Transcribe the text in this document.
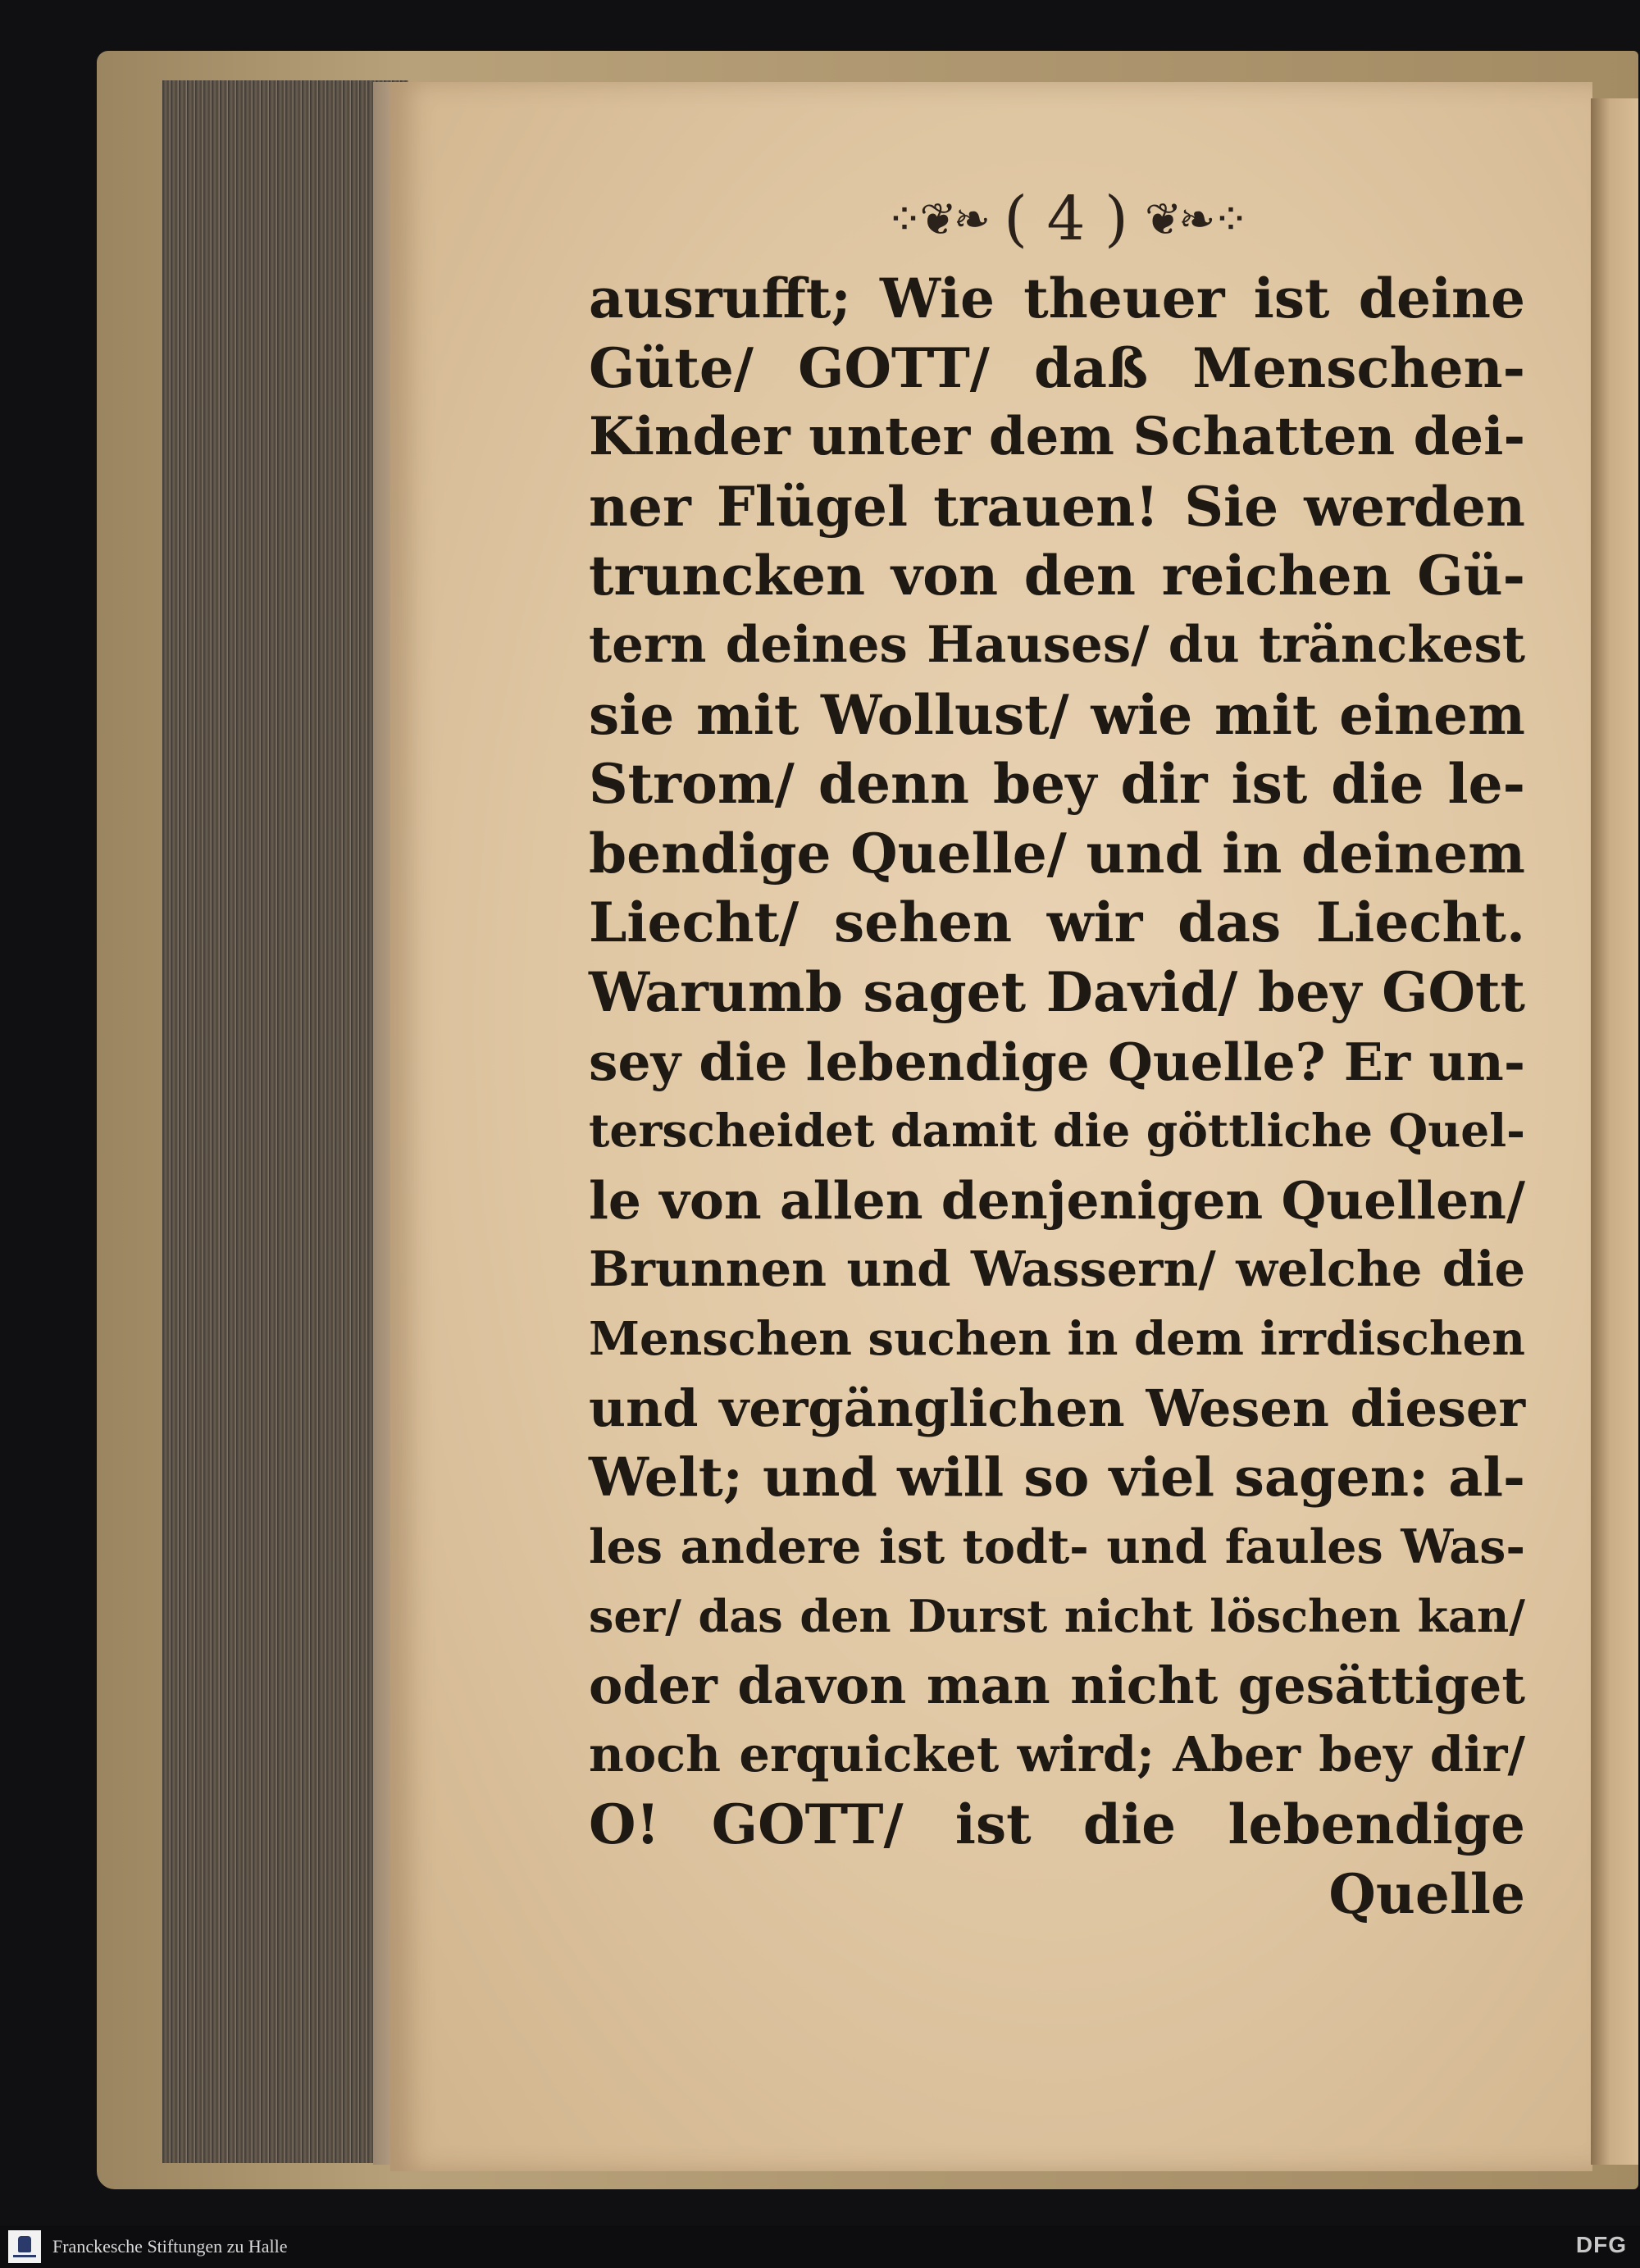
⁘❦❧ ( 4 ) ❦❧⁘
ausrufft; Wie theuer ist deine
Güte/ GOTT/ daß Menschen-
Kinder unter dem Schatten dei-
ner Flügel trauen! Sie werden
truncken von den reichen Gü-
tern deines Hauses/ du tränckest
sie mit Wollust/ wie mit einem
Strom/ denn bey dir ist die le-
bendige Quelle/ und in deinem
Liecht/ sehen wir das Liecht.
Warumb saget David/ bey GOtt
sey die lebendige Quelle? Er un-
terscheidet damit die göttliche Quel-
le von allen denjenigen Quellen/
Brunnen und Wassern/ welche die
Menschen suchen in dem irrdischen
und vergänglichen Wesen dieser
Welt; und will so viel sagen: al-
les andere ist todt- und faules Was-
ser/ das den Durst nicht löschen kan/
oder davon man nicht gesättiget
noch erquicket wird; Aber bey dir/
O! GOTT/ ist die lebendige
Quelle
Franckesche Stiftungen zu Halle	DFG
